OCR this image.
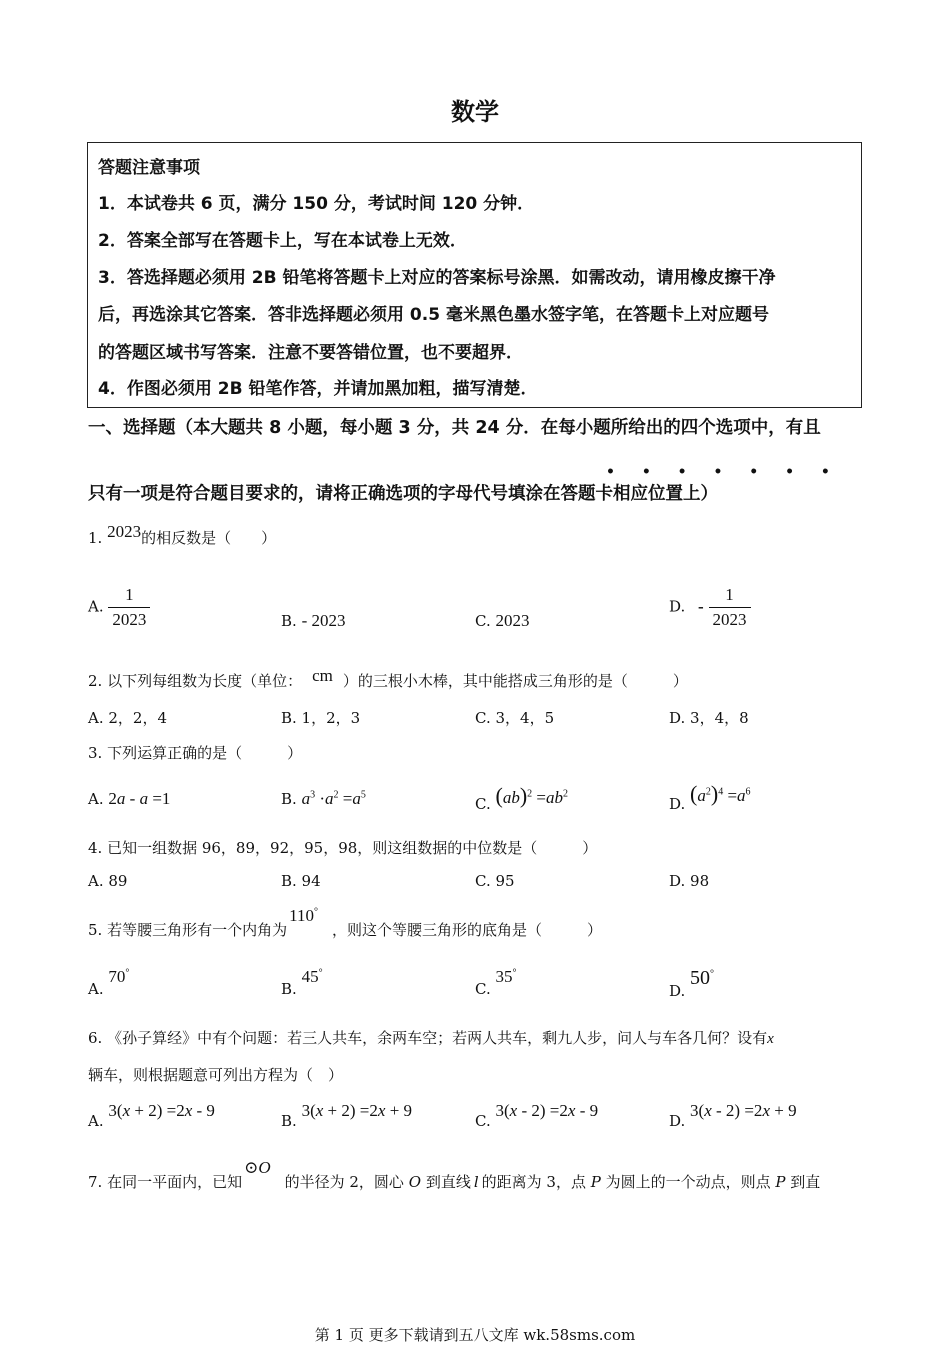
数学
答题注意事项
1．本试卷共 6 页，满分 150 分，考试时间 120 分钟．
2．答案全部写在答题卡上，写在本试卷上无效．
3．答选择题必须用 2B 铅笔将答题卡上对应的答案标号涂黑．如需改动，请用橡皮擦干净
后，再选涂其它答案．答非选择题必须用 0.5 毫米黑色墨水签字笔，在答题卡上对应题号
的答题区域书写答案．注意不要答错位置，也不要超界．
4．作图必须用 2B 铅笔作答，并请加黑加粗，描写清楚．
一、选择题（本大题共 8 小题，每小题 3 分，共 24 分．在每小题所给出的四个选项中，有且
• • • • • • •
只有一项是符合题目要求的，请将正确选项的字母代号填涂在答题卡相应位置上）
1. 2023的相反数是（　　）
A. $\frac{1}{2023}$	B. - 2023	C. 2023
D. - $\frac{1}{2023}$
2. 以下列每组数为长度（单位： cm ）的三根小木棒，其中能搭成三角形的是（　　　）
A. 2，2，4	B. 1，2，3	C. 3，4，5	D. 3，4，8
3. 下列运算正确的是（　　　）
A. 2a - a =1	B. $a^3 \cdot a^2 =a^5$
C. $(ab)^2 =ab^2$
D. $(a^2)^4 =a^6$
4. 已知一组数据 96，89，92，95，98，则这组数据的中位数是（　　　）
A. 89	B. 94	C. 95	D. 98
5. 若等腰三角形有一个内角为110°，则这个等腰三角形的底角是（　　　）
A. 70°
B. 45°
C. 35°
D. 50°
6. 《孙子算经》中有个问题：若三人共车，余两车空；若两人共车，剩九人步，问人与车各几何？设有x
辆车，则根据题意可列出方程为（　）
A. 3(x + 2) =2x - 9
B. 3(x + 2) =2x + 9
C. 3(x - 2) =2x - 9
D. 3(x - 2) =2x + 9
7. 在同一平面内，已知⊙O的半径为 2，圆心 O 到直线 l 的距离为 3，点 P 为圆上的一个动点，则点 P 到直
第 1 页 更多下载请到五八文库 wk.58sms.com
